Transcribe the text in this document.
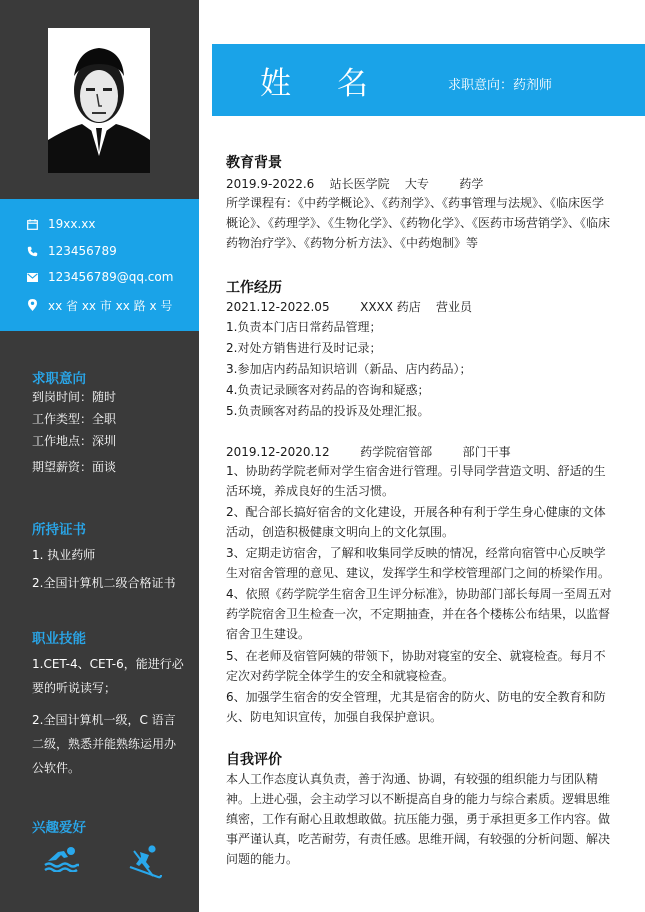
19xx.xx
123456789
123456789@qq.com
xx 省 xx 市 xx 路 x 号
求职意向
到岗时间：随时
工作类型：全职
工作地点：深圳
期望薪资：面谈
所持证书
1. 执业药师
2.全国计算机二级合格证书
职业技能
1.CET-4、CET-6，能进行必要的听说读写；
2.全国计算机一级，C 语言二级，熟悉并能熟练运用办公软件。
兴趣爱好
姓名	求职意向：药剂师
教育背景
2019.9-2022.6    站长医学院    大专        药学
所学课程有：《中药学概论》、《药剂学》、《药事管理与法规》、《临床医学概论》、《药理学》、《生物化学》、《药物化学》、《医药市场营销学》、《临床药物治疗学》、《药物分析方法》、《中药炮制》等
工作经历
2021.12-2022.05        XXXX 药店    营业员
1.负责本门店日常药品管理；
2.对处方销售进行及时记录；
3.参加店内药品知识培训（新品、店内药品）；
4.负责记录顾客对药品的咨询和疑惑；
5.负责顾客对药品的投诉及处理汇报。
2019.12-2020.12        药学院宿管部        部门干事
1、协助药学院老师对学生宿舍进行管理。引导同学营造文明、舒适的生活环境，养成良好的生活习惯。
2、配合部长搞好宿舍的文化建设，开展各种有利于学生身心健康的文体活动，创造积极健康文明向上的文化氛围。
3、定期走访宿舍，了解和收集同学反映的情况，经常向宿管中心反映学生对宿舍管理的意见、建议，发挥学生和学校管理部门之间的桥梁作用。
4、依照《药学院学生宿舍卫生评分标准》，协助部门部长每周一至周五对药学院宿舍卫生检查一次，不定期抽查，并在各个楼栋公布结果，以监督宿舍卫生建设。
5、在老师及宿管阿姨的带领下，协助对寝室的安全、就寝检查。每月不定次对药学院全体学生的安全和就寝检查。
6、加强学生宿舍的安全管理，尤其是宿舍的防火、防电的安全教育和防火、防电知识宣传，加强自我保护意识。
自我评价
本人工作态度认真负责，善于沟通、协调，有较强的组织能力与团队精神。上进心强，会主动学习以不断提高自身的能力与综合素质。逻辑思维缜密，工作有耐心且敢想敢做。抗压能力强，勇于承担更多工作内容。做事严谨认真，吃苦耐劳，有责任感。思维开阔，有较强的分析问题、解决问题的能力。
